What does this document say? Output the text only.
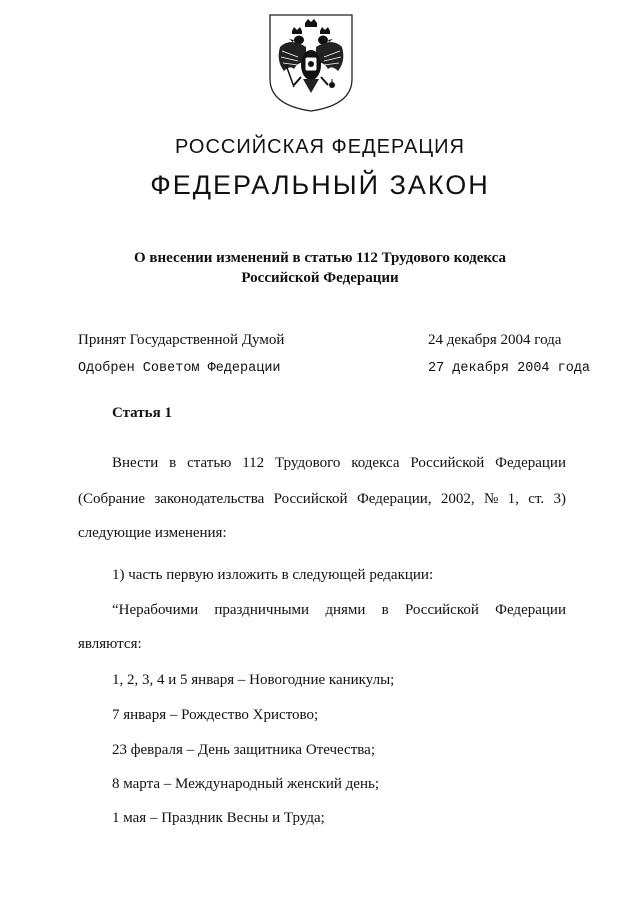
РОССИЙСКАЯ ФЕДЕРАЦИЯ
ФЕДЕРАЛЬНЫЙ ЗАКОН
О внесении изменений в статью 112 Трудового кодекса
Российской Федерации
Принят Государственной Думой	24 декабря 2004 года
Одобрен Советом Федерации	27 декабря 2004 года
Статья 1
Внести в статью 112 Трудового кодекса Российской Федерации
(Собрание законодательства Российской Федерации, 2002, № 1, ст. 3)
следующие изменения:
1) часть первую изложить в следующей редакции:
“Нерабочими праздничными днями в Российской Федерации
являются:
1, 2, 3, 4 и 5 января – Новогодние каникулы;
7 января – Рождество Христово;
23 февраля – День защитника Отечества;
8 марта – Международный женский день;
1 мая – Праздник Весны и Труда;
